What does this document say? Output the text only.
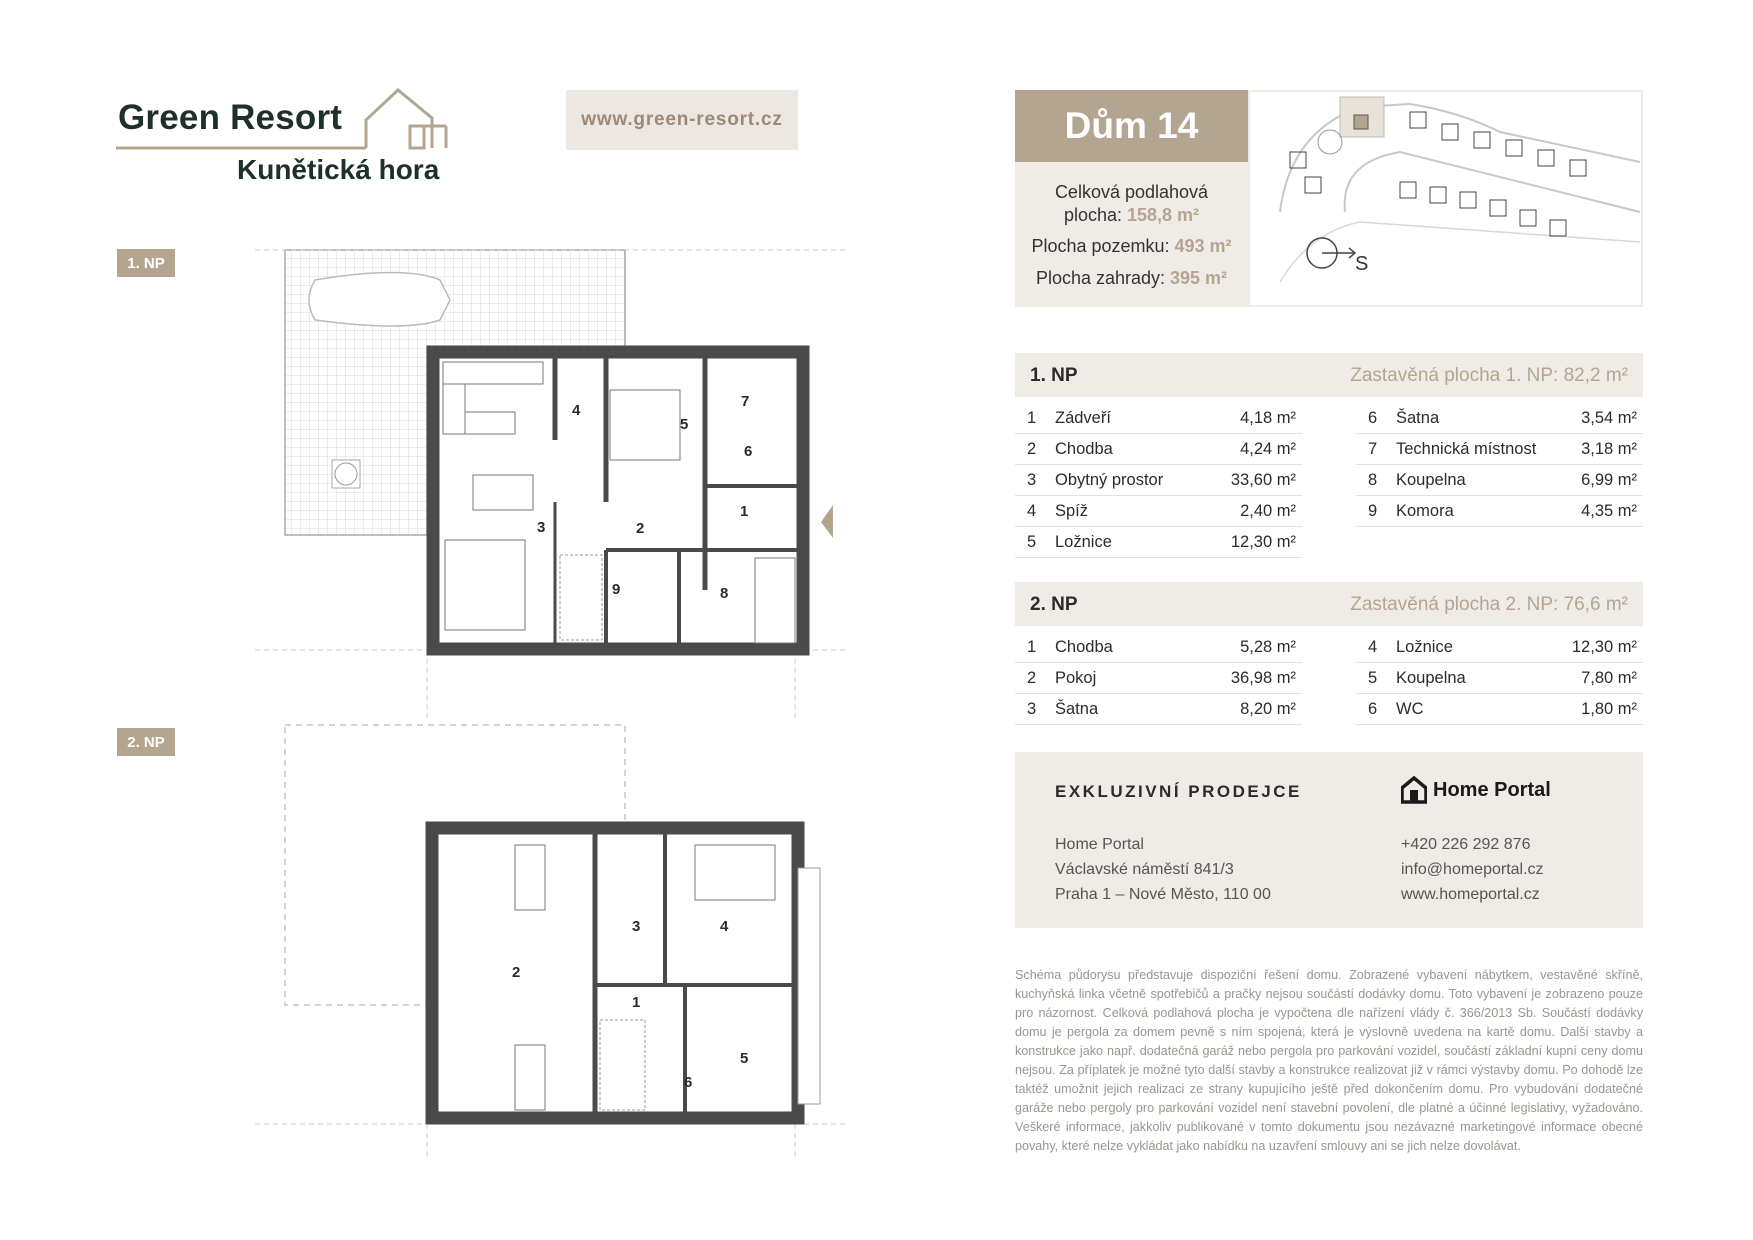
Green Resort
Kunětická hora
www.green-resort.cz
1. NP
2. NP
4
5
7
6
3	2
1
9	8
3	4
2
1
5
6
Dům 14
Celková podlahová
plocha: 158,8 m²
Plocha pozemku: 493 m²
Plocha zahrady: 395 m²
S
1. NP	Zastavěná plocha 1. NP: 82,2 m²
1 Zádveří	4,18 m²
2 Chodba	4,24 m²
3 Obytný prostor	33,60 m²
4 Spíž	2,40 m²
5 Ložnice	12,30 m²
6 Šatna	3,54 m²
7 Technická místnost	3,18 m²
8 Koupelna	6,99 m²
9 Komora	4,35 m²
2. NP	Zastavěná plocha 2. NP: 76,6 m²
1 Chodba	5,28 m²
2 Pokoj	36,98 m²
3 Šatna	8,20 m²
4 Ložnice	12,30 m²
5 Koupelna	7,80 m²
6 WC	1,80 m²
EXKLUZIVNÍ PRODEJCE	Home Portal
Home Portal
Václavské náměstí 841/3
Praha 1 – Nové Město, 110 00
+420 226 292 876
info@homeportal.cz
www.homeportal.cz
Schéma půdorysu představuje dispoziční řešení domu. Zobrazené vybavení nábytkem, vestavěné skříně, kuchyňská linka včetně spotřebičů a pračky nejsou součástí dodávky domu. Toto vybavení je zobrazeno pouze pro názornost. Celková podlahová plocha je vypočtena dle nařízení vlády č. 366/2013 Sb. Součástí dodávky domu je pergola za domem pevně s ním spojená, která je výslovně uvedena na kartě domu. Další stavby a konstrukce jako např. dodatečná garáž nebo pergola pro parkování vozidel, součástí základní kupní ceny domu nejsou. Za příplatek je možné tyto další stavby a konstrukce realizovat již v rámci výstavby domu. Po dohodě lze taktéž umožnit jejich realizaci ze strany kupujícího ještě před dokončením domu. Pro vybudování dodatečné garáže nebo pergoly pro parkování vozidel není stavební povolení, dle platné a účinné legislativy, vyžadováno. Veškeré informace, jakkoliv publikované v tomto dokumentu jsou nezávazné marketingové informace obecné povahy, které nelze vykládat jako nabídku na uzavření smlouvy ani se jich nelze dovolávat.
